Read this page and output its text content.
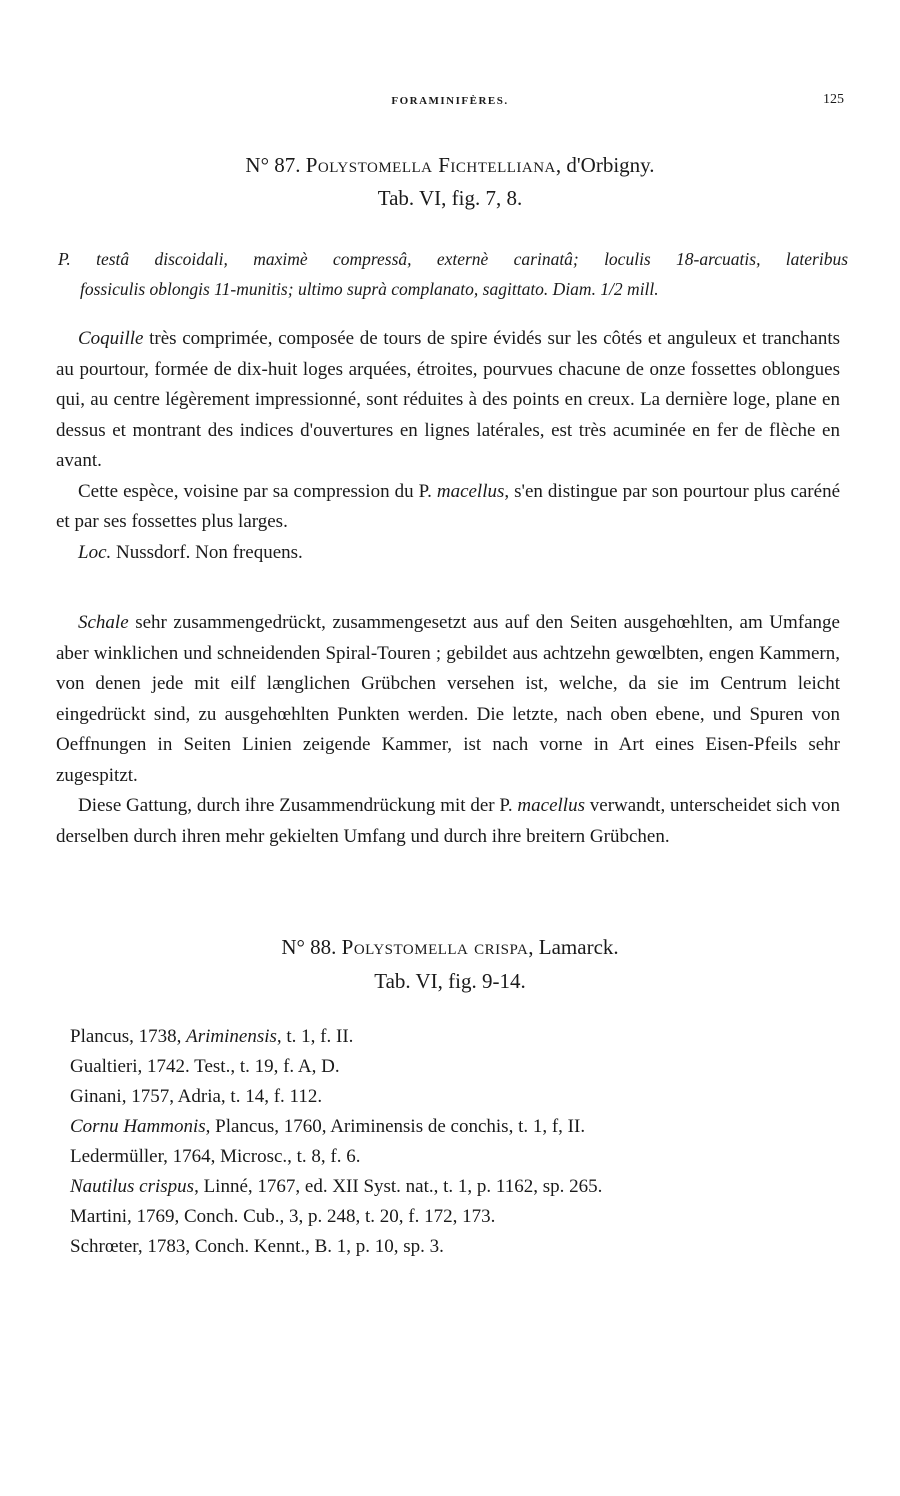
FORAMINIFÈRES.	125
N° 87. Polystomella Fichtelliana, d'Orbigny.
Tab. VI, fig. 7, 8.
P. testâ discoidali, maximè compressâ, externè carinatâ; loculis 18-arcuatis, lateribus
fossiculis oblongis 11-munitis; ultimo suprà complanato, sagittato. Diam. 1/2 mill.

Coquille très comprimée, composée de tours de spire évidés sur les côtés et anguleux et tranchants au pourtour, formée de dix-huit loges arquées, étroites, pourvues chacune de onze fossettes oblongues qui, au centre légèrement impressionné, sont réduites à des points en creux. La dernière loge, plane en dessus et montrant des indices d'ouvertures en lignes latérales, est très acuminée en fer de flèche en avant.

Cette espèce, voisine par sa compression du P. macellus, s'en distingue par son pourtour plus caréné et par ses fossettes plus larges.

Loc. Nussdorf. Non frequens.

Schale sehr zusammengedrückt, zusammengesetzt aus auf den Seiten ausgehœhlten, am Umfange aber winklichen und schneidenden Spiral-Touren ; gebildet aus achtzehn gewœlbten, engen Kammern, von denen jede mit eilf længlichen Grübchen versehen ist, welche, da sie im Centrum leicht eingedrückt sind, zu ausgehœhlten Punkten werden. Die letzte, nach oben ebene, und Spuren von Oeffnungen in Seiten Linien zeigende Kammer, ist nach vorne in Art eines Eisen-Pfeils sehr zugespitzt.

Diese Gattung, durch ihre Zusammendrückung mit der P. macellus verwandt, unterscheidet sich von derselben durch ihren mehr gekielten Umfang und durch ihre breitern Grübchen.

N° 88. Polystomella crispa, Lamarck.
Tab. VI, fig. 9-14.
Plancus, 1738, Ariminensis, t. 1, f. II.
Gualtieri, 1742. Test., t. 19, f. A, D.
Ginani, 1757, Adria, t. 14, f. 112.
Cornu Hammonis, Plancus, 1760, Ariminensis de conchis, t. 1, f, II.
Ledermüller, 1764, Microsc., t. 8, f. 6.
Nautilus crispus, Linné, 1767, ed. XII Syst. nat., t. 1, p. 1162, sp. 265.
Martini, 1769, Conch. Cub., 3, p. 248, t. 20, f. 172, 173.
Schrœter, 1783, Conch. Kennt., B. 1, p. 10, sp. 3.
